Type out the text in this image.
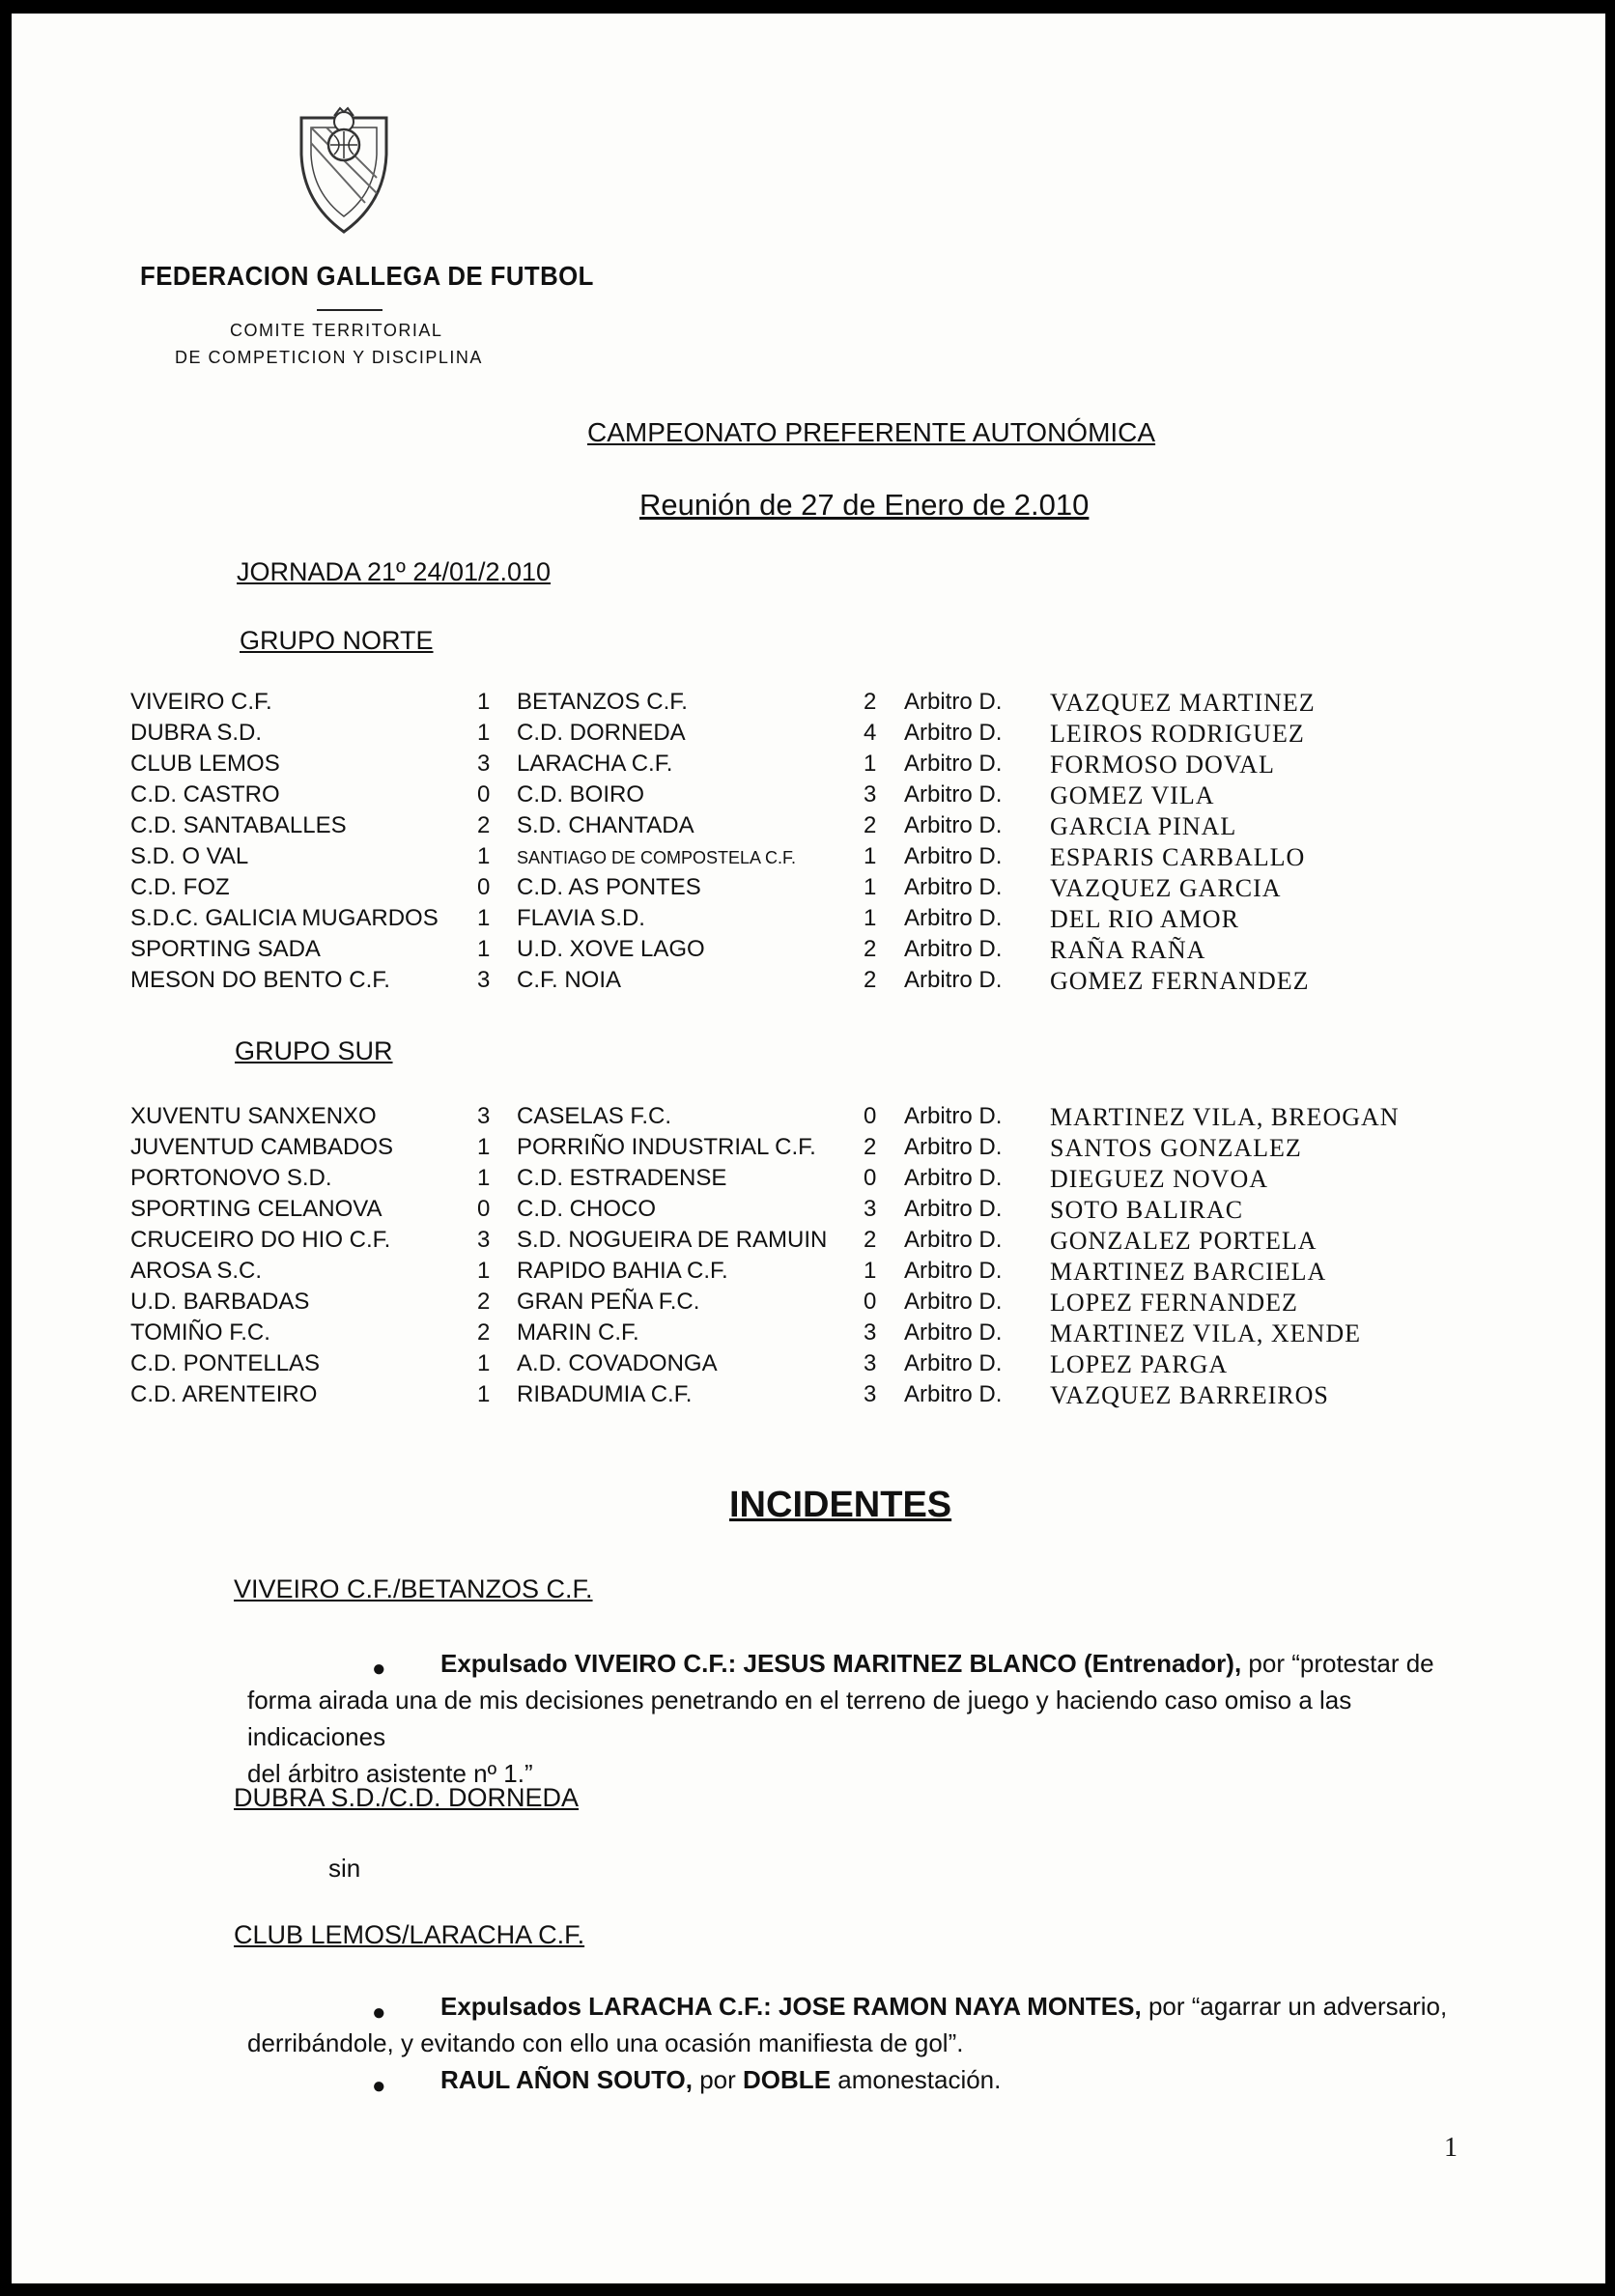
FEDERACION GALLEGA DE FUTBOL
COMITE TERRITORIAL
DE COMPETICION Y DISCIPLINA
CAMPEONATO PREFERENTE AUTONÓMICA
Reunión de 27 de Enero de 2.010
JORNADA 21º 24/01/2.010
GRUPO NORTE
GRUPO SUR
VIVEIRO C.F.	1 BETANZOS C.F.	2 Arbitro D. VAZQUEZ MARTINEZ
DUBRA S.D.	1 C.D. DORNEDA	4 Arbitro D. LEIROS RODRIGUEZ
CLUB LEMOS	3 LARACHA C.F.	1 Arbitro D. FORMOSO DOVAL
C.D. CASTRO	0 C.D. BOIRO	3 Arbitro D. GOMEZ VILA
C.D. SANTABALLES	2 S.D. CHANTADA	2 Arbitro D. GARCIA PINAL
S.D. O VAL	1 SANTIAGO DE COMPOSTELA C.F.	1 Arbitro D. ESPARIS CARBALLO
C.D. FOZ	0 C.D. AS PONTES	1 Arbitro D. VAZQUEZ GARCIA
S.D.C. GALICIA MUGARDOS 1 FLAVIA S.D.	1 Arbitro D. DEL RIO AMOR
SPORTING SADA	1 U.D. XOVE LAGO	2 Arbitro D. RAÑA RAÑA
MESON DO BENTO C.F.	3 C.F. NOIA	2 Arbitro D. GOMEZ FERNANDEZ
XUVENTU SANXENXO	3 CASELAS F.C.	0 Arbitro D. MARTINEZ VILA, BREOGAN
JUVENTUD CAMBADOS	1 PORRIÑO INDUSTRIAL C.F. 2 Arbitro D. SANTOS GONZALEZ
PORTONOVO S.D.	1 C.D. ESTRADENSE	0 Arbitro D. DIEGUEZ NOVOA
SPORTING CELANOVA	0 C.D. CHOCO	3 Arbitro D. SOTO BALIRAC
CRUCEIRO DO HIO C.F.	3 S.D. NOGUEIRA DE RAMUIN 2 Arbitro D. GONZALEZ PORTELA
AROSA S.C.	1 RAPIDO BAHIA C.F.	1 Arbitro D. MARTINEZ BARCIELA
U.D. BARBADAS	2 GRAN PEÑA F.C.	0 Arbitro D. LOPEZ FERNANDEZ
TOMIÑO F.C.	2 MARIN C.F.	3 Arbitro D. MARTINEZ VILA, XENDE
C.D. PONTELLAS	1 A.D. COVADONGA	3 Arbitro D. LOPEZ PARGA
C.D. ARENTEIRO	1 RIBADUMIA C.F.	3 Arbitro D. VAZQUEZ BARREIROS
INCIDENTES
VIVEIRO C.F./BETANZOS C.F.
●	Expulsado VIVEIRO C.F.: JESUS MARITNEZ BLANCO (Entrenador), por “protestar de
forma airada una de mis decisiones penetrando en el terreno de juego y haciendo caso omiso a las indicaciones
del árbitro asistente nº 1.”
DUBRA S.D./C.D. DORNEDA
sin
CLUB LEMOS/LARACHA C.F.
●	Expulsados LARACHA C.F.: JOSE RAMON NAYA MONTES, por “agarrar un adversario,
derribándole, y evitando con ello una ocasión manifiesta de gol”.
●	RAUL AÑON SOUTO, por DOBLE amonestación.
1
